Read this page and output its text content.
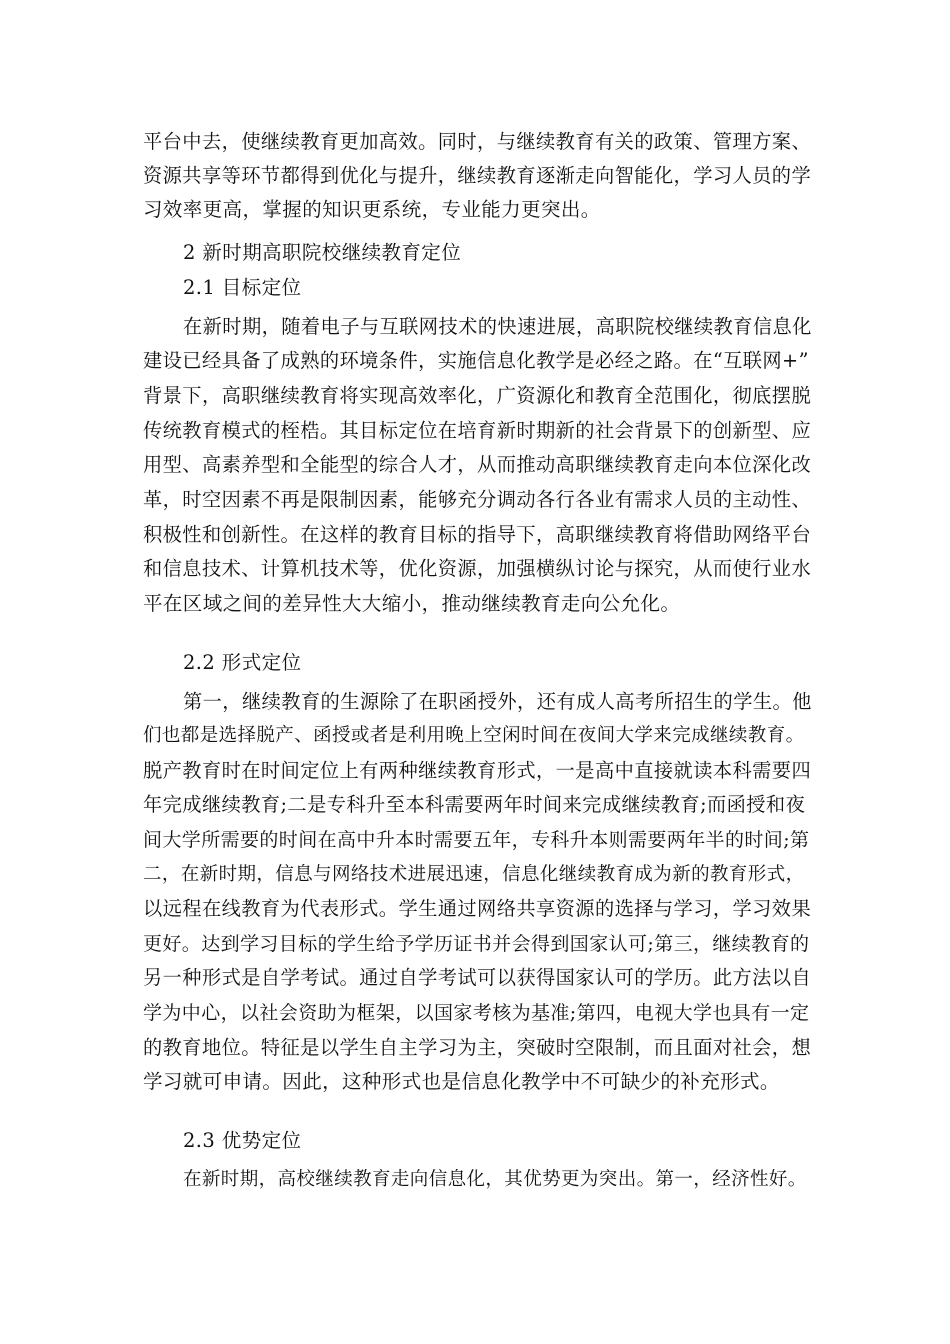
平台中去，使继续教育更加高效。同时，与继续教育有关的政策、管理方案、
资源共享等环节都得到优化与提升，继续教育逐渐走向智能化，学习人员的学
习效率更高，掌握的知识更系统，专业能力更突出。
2 新时期高职院校继续教育定位
2.1 目标定位
在新时期，随着电子与互联网技术的快速进展，高职院校继续教育信息化
建设已经具备了成熟的环境条件，实施信息化教学是必经之路。在“互联网+”
背景下，高职继续教育将实现高效率化，广资源化和教育全范围化，彻底摆脱
传统教育模式的桎梏。其目标定位在培育新时期新的社会背景下的创新型、应
用型、高素养型和全能型的综合人才，从而推动高职继续教育走向本位深化改
革，时空因素不再是限制因素，能够充分调动各行各业有需求人员的主动性、
积极性和创新性。在这样的教育目标的指导下，高职继续教育将借助网络平台
和信息技术、计算机技术等，优化资源，加强横纵讨论与探究，从而使行业水
平在区域之间的差异性大大缩小，推动继续教育走向公允化。
2.2 形式定位
第一，继续教育的生源除了在职函授外，还有成人高考所招生的学生。他
们也都是选择脱产、函授或者是利用晚上空闲时间在夜间大学来完成继续教育。
脱产教育时在时间定位上有两种继续教育形式，一是高中直接就读本科需要四
年完成继续教育;二是专科升至本科需要两年时间来完成继续教育;而函授和夜
间大学所需要的时间在高中升本时需要五年，专科升本则需要两年半的时间;第
二，在新时期，信息与网络技术进展迅速，信息化继续教育成为新的教育形式，
以远程在线教育为代表形式。学生通过网络共享资源的选择与学习，学习效果
更好。达到学习目标的学生给予学历证书并会得到国家认可;第三，继续教育的
另一种形式是自学考试。通过自学考试可以获得国家认可的学历。此方法以自
学为中心，以社会资助为框架，以国家考核为基准;第四，电视大学也具有一定
的教育地位。特征是以学生自主学习为主，突破时空限制，而且面对社会，想
学习就可申请。因此，这种形式也是信息化教学中不可缺少的补充形式。
2.3 优势定位
在新时期，高校继续教育走向信息化，其优势更为突出。第一，经济性好。
